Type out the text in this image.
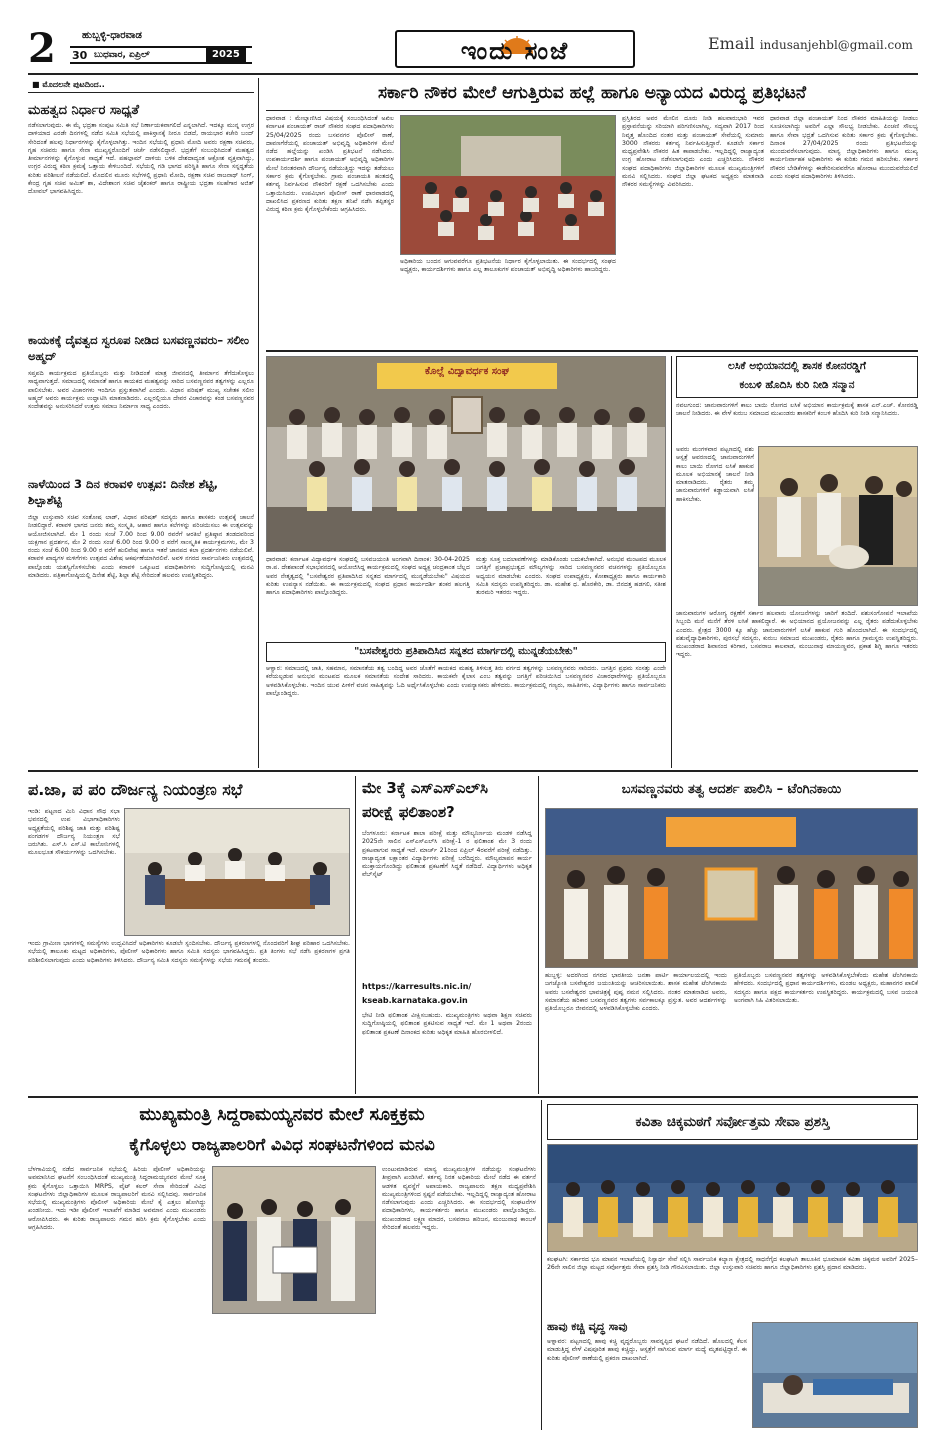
2	ಹುಬ್ಬಳ್ಳಿ-ಧಾರವಾಡ
30 ಬುಧವಾರ, ಏಪ್ರಿಲ್	2025	ಇಂದು ಸಂಜೆ	Email indusanjehbl@gmail.com
■ ಮೊದಲನೇ ಪುಟದಿಂದ..
ಮಹತ್ವದ ನಿರ್ಧಾರ ಸಾಧ್ಯತೆ
ನಡೆಸಲಾಗುವುದು. ಈ ಮೈ ಭದ್ರತಾ ಸಂಪುಟ ಸಮಿತಿ ಸಭೆ ನಿರ್ಣಾಯಕವಾಗಲಿದೆ ಎನ್ನಲಾಗಿದೆ. ಇದಕ್ಕೂ ಮುನ್ನ ಉಗ್ರರ ದಾಳಿಯಾದ ಎರಡೇ ದಿನಗಳಲ್ಲಿ ನಡೆದ ಸಮಿತಿ ಸಭೆಯಲ್ಲಿ ಪಾಕಿಸ್ತಾನಕ್ಕೆ ನೀರೂ ಬಿಡದೆ, ರಾಯಭಾರ ಕಚೇರಿ ಬಂದ್ ಸೇರಿದಂತೆ ಹಲವು ನಿರ್ಧಾರಗಳನ್ನು ಕೈಗೊಳ್ಳಲಾಗಿತ್ತು. ಇಂದಿನ ಸಭೆಯಲ್ಲಿ ಪ್ರಧಾನಿ ಮೋದಿ ಅವರು ರಕ್ಷಣಾ ಸಚಿವರು, ಗೃಹ ಸಚಿವರು ಹಾಗೂ ಸೇನಾ ಮುಖ್ಯಸ್ಥರೊಂದಿಗೆ ಚರ್ಚೆ ನಡೆಸಲಿದ್ದಾರೆ. ಭದ್ರತೆಗೆ ಸಂಬಂಧಿಸಿದಂತೆ ಮಹತ್ವದ ತೀರ್ಮಾನಗಳನ್ನು ಕೈಗೊಳ್ಳುವ ಸಾಧ್ಯತೆ ಇದೆ. ಪಹಲ್ಗಾಮ್ ದಾಳಿಯ ಬಳಿಕ ದೇಶದಾದ್ಯಂತ ಆಕ್ರೋಶ ವ್ಯಕ್ತವಾಗಿದ್ದು, ಉಗ್ರರ ವಿರುದ್ಧ ಕಠಿಣ ಕ್ರಮಕ್ಕೆ ಒತ್ತಾಯ ಕೇಳಿಬಂದಿದೆ. ಸಭೆಯಲ್ಲಿ ಗಡಿ ಭಾಗದ ಪರಿಸ್ಥಿತಿ ಹಾಗೂ ಸೇನಾ ಸನ್ನದ್ಧತೆಯ ಕುರಿತು ಪರಿಶೀಲನೆ ನಡೆಯಲಿದೆ. ಮೊದಲಿನ ಮೂರು ಸಭೆಗಳಲ್ಲಿ ಪ್ರಧಾನಿ ಮೋದಿ, ರಕ್ಷಣಾ ಸಚಿವ ರಾಜನಾಥ್ ಸಿಂಗ್, ಕೇಂದ್ರ ಗೃಹ ಸಚಿವ ಅಮಿತ್ ಶಾ, ವಿದೇಶಾಂಗ ಸಚಿವ ಜೈಶಂಕರ್ ಹಾಗೂ ರಾಷ್ಟ್ರೀಯ ಭದ್ರತಾ ಸಲಹೆಗಾರ ಅಜಿತ್ ದೋವಲ್ ಭಾಗವಹಿಸಿದ್ದರು.
ಕಾಯಕಕ್ಕೆ ದೈವತ್ವದ ಸ್ವರೂಪ ನೀಡಿದ ಬಸವಣ್ಣನವರು– ಸಲೀಂ ಅಹ್ಮದ್
ಸಪ್ತಪದಿ ಕಾರ್ಯಕ್ರಮದ ಪ್ರತಿಯೊಬ್ಬರು ಮತ್ತು ನೀಡಿದಂತೆ ಮಾತ್ರ ಜೀವನದಲ್ಲಿ ತೀರ್ಮಾನ ತೆಗೆದುಕೊಳ್ಳಲು ಸಾಧ್ಯವಾಗುತ್ತದೆ. ಸಮಾಜದಲ್ಲಿ ಸಮಾನತೆ ಹಾಗೂ ಕಾಯಕದ ಮಹತ್ವವನ್ನು ಸಾರಿದ ಬಸವಣ್ಣನವರ ತತ್ವಗಳನ್ನು ಎಲ್ಲರೂ ಪಾಲಿಸಬೇಕು. ಅವರ ವಿಚಾರಗಳು ಇಂದಿಗೂ ಪ್ರಸ್ತುತವಾಗಿವೆ ಎಂದರು. ವಿಧಾನ ಪರಿಷತ್ ಮುಖ್ಯ ಸಚೇತಕ ಸಲೀಂ ಅಹ್ಮದ್ ಅವರು ಕಾರ್ಯಕ್ರಮ ಉದ್ಘಾಟಿಸಿ ಮಾತನಾಡಿದರು. ಎಲ್ಲರಲ್ಲಿಯೂ ದೇವರ ವಿಚಾರವನ್ನು ಕಂಡ ಬಸವಣ್ಣನವರ ಸಂದೇಶವನ್ನು ಅನುಸರಿಸಿದರೆ ಉತ್ತಮ ಸಮಾಜ ನಿರ್ಮಾಣ ಸಾಧ್ಯ ಎಂದರು.
ನಾಳೆಯಿಂದ 3 ದಿನ ಕರಾವಳಿ ಉತ್ಸವ: ದಿನೇಶ ಶೆಟ್ಟಿ, ಶಿಲ್ಪಾಶೆಟ್ಟಿ
ಜಿಲ್ಲಾ ಉಸ್ತುವಾರಿ ಸಚಿವ ಸಂತೋಷ ಲಾಡ್, ವಿಧಾನ ಪರಿಷತ್ ಸದಸ್ಯರು ಹಾಗೂ ಶಾಸಕರು ಉತ್ಸವಕ್ಕೆ ಚಾಲನೆ ನೀಡಲಿದ್ದಾರೆ. ಕರಾವಳಿ ಭಾಗದ ಜನರು ತಮ್ಮ ಸಂಸ್ಕೃತಿ, ಆಹಾರ ಹಾಗೂ ಕಲೆಗಳನ್ನು ಪರಿಚಯಿಸಲು ಈ ಉತ್ಸವವನ್ನು ಆಯೋಜಿಸಲಾಗಿದೆ. ಮೇ 1 ರಂದು ಸಂಜೆ 7.00 ರಿಂದ 9.00 ರವರೆಗೆ ಆರತಿಲೆ ಪ್ರತಿಷ್ಠಾನ ತಂಡದವರಿಂದ ಯಕ್ಷಗಾನ ಪ್ರದರ್ಶನ, ಮೇ 2 ರಂದು ಸಂಜೆ 6.00 ರಿಂದ 9.00 ರ ವರೆಗೆ ಸಾಂಸ್ಕೃತಿಕ ಕಾರ್ಯಕ್ರಮಗಳು, ಮೇ 3 ರಂದು ಸಂಜೆ 6.00 ರಿಂದ 9.00 ರ ವರೆಗೆ ಹುಲಿವೇಷ ಹಾಗೂ ಇತರೆ ಜಾನಪದ ಕಲಾ ಪ್ರದರ್ಶನಗಳು ನಡೆಯಲಿವೆ. ಕರಾವಳಿ ಖಾದ್ಯಗಳ ಮಳಿಗೆಗಳು ಉತ್ಸವದ ವಿಶೇಷ ಆಕರ್ಷಣೆಯಾಗಿರಲಿವೆ. ಅವಳಿ ನಗರದ ಸಾರ್ವಜನಿಕರು ಉತ್ಸವದಲ್ಲಿ ಪಾಲ್ಗೊಂಡು ಯಶಸ್ವಿಗೊಳಿಸಬೇಕು ಎಂದು ಕರಾವಳಿ ಒಕ್ಕೂಟದ ಪದಾಧಿಕಾರಿಗಳು ಸುದ್ದಿಗೋಷ್ಠಿಯಲ್ಲಿ ಮನವಿ ಮಾಡಿದರು. ಪತ್ರಿಕಾಗೋಷ್ಠಿಯಲ್ಲಿ ದಿನೇಶ ಶೆಟ್ಟಿ, ಶಿಲ್ಪಾ ಶೆಟ್ಟಿ ಸೇರಿದಂತೆ ಹಲವರು ಉಪಸ್ಥಿತರಿದ್ದರು.
ಸರ್ಕಾರಿ ನೌಕರ ಮೇಲೆ ಆಗುತ್ತಿರುವ ಹಲ್ಲೆ ಹಾಗೂ ಅನ್ಯಾಯದ ವಿರುದ್ಧ ಪ್ರತಿಭಟನೆ
ಧಾರವಾಡ : ಮೇಲ್ಕಾಣಿಸಿದ ವಿಷಯಕ್ಕೆ ಸಂಬಂಧಿಸಿದಂತೆ ಅಖಿಲ ಕರ್ನಾಟಕ ಪಂಚಾಯತ್ ರಾಜ್ ನೌಕರರ ಸಂಘದ ಪದಾಧಿಕಾರಿಗಳು 25/04/2025 ರಂದು ಬಸವನಗರ ಪೊಲೀಸ್ ಠಾಣೆ, ದಾವಣಗೆರೆಯಲ್ಲಿ ಪಂಚಾಯತ್ ಅಭಿವೃದ್ಧಿ ಅಧಿಕಾರಿಗಳ ಮೇಲೆ ನಡೆದ ಹಲ್ಲೆಯನ್ನು ಖಂಡಿಸಿ ಪ್ರತಿಭಟನೆ ನಡೆಸಿದರು. ಉಪಕಾರ್ಯದರ್ಶಿ ಹಾಗೂ ಪಂಚಾಯತ್ ಅಭಿವೃದ್ಧಿ ಅಧಿಕಾರಿಗಳ ಮೇಲೆ ನಿರಂತರವಾಗಿ ದೌರ್ಜನ್ಯ ನಡೆಯುತ್ತಿದ್ದು ಇದನ್ನು ತಡೆಯಲು ಸರ್ಕಾರ ಕ್ರಮ ಕೈಗೊಳ್ಳಬೇಕು. ಗ್ರಾಮ ಪಂಚಾಯತಿ ಹಂತದಲ್ಲಿ ಕರ್ತವ್ಯ ನಿರ್ವಹಿಸುವ ನೌಕರರಿಗೆ ರಕ್ಷಣೆ ಒದಗಿಸಬೇಕು ಎಂದು ಒತ್ತಾಯಿಸಿದರು. ಉಪವಿಭಾಗ ಪೊಲೀಸ್ ಠಾಣೆ ಧಾರವಾಡದಲ್ಲಿ ದಾಖಲಿಸಿದ ಪ್ರಕರಣದ ಕುರಿತು ತಕ್ಷಣ ತನಿಖೆ ನಡೆಸಿ ತಪ್ಪಿತಸ್ಥರ ವಿರುದ್ಧ ಕಠಿಣ ಕ್ರಮ ಕೈಗೊಳ್ಳಬೇಕೆಂದು ಆಗ್ರಹಿಸಿದರು.
ಅಧಿಕಾರಿಯ ಬಂದನ ಆಗುವವರೆಗೂ ಪ್ರತಿಭಟನೆಯ ನಿರ್ಧಾರ ಕೈಗೊಳ್ಳಲಾಯಿತು. ಈ ಸಂದರ್ಭದಲ್ಲಿ ಸಂಘದ ಅಧ್ಯಕ್ಷರು, ಕಾರ್ಯದರ್ಶಿಗಳು ಹಾಗೂ ಎಲ್ಲ ತಾಲೂಕುಗಳ ಪಂಚಾಯತ್ ಅಭಿವೃದ್ಧಿ ಅಧಿಕಾರಿಗಳು ಹಾಜರಿದ್ದರು.
ಪ್ರಸ್ತಿತಿರದ ಅವರ ಮೇಲಿನ ದೂರು ನೀಡಿ ಹಲವಾರುಭಾರಿ ಇವರ ಪ್ರಸ್ತಾವನೆಯನ್ನು ಸರಿಯಾಗಿ ಪರಿಗಣಿಸಲಾಗಿಲ್ಲ. ಸದ್ಯವಾಗಿ 2017 ರಿಂದ ನಿವೃತ್ತ ಹೊಂದಿದ ನಂತರ ಮತ್ತು ಪಂಚಾಯತ್ ಸೇವೆಯಲ್ಲಿ ಸುಮಾರು 3000 ನೌಕರರು ಕರ್ತವ್ಯ ನಿರ್ವಹಿಸುತ್ತಿದ್ದಾರೆ. ಕೂಡಲೇ ಸರ್ಕಾರ ಮಧ್ಯಪ್ರವೇಶಿಸಿ ನೌಕರರ ಹಿತ ಕಾಪಾಡಬೇಕು. ಇಲ್ಲದಿದ್ದಲ್ಲಿ ರಾಜ್ಯಾದ್ಯಂತ ಉಗ್ರ ಹೋರಾಟ ನಡೆಸಲಾಗುವುದು ಎಂದು ಎಚ್ಚರಿಸಿದರು. ನೌಕರರ ಸಂಘದ ಪದಾಧಿಕಾರಿಗಳು ಜಿಲ್ಲಾಧಿಕಾರಿಗಳ ಮೂಲಕ ಮುಖ್ಯಮಂತ್ರಿಗಳಿಗೆ ಮನವಿ ಸಲ್ಲಿಸಿದರು. ಸಂಘದ ಜಿಲ್ಲಾ ಘಟಕದ ಅಧ್ಯಕ್ಷರು ಮಾತನಾಡಿ ನೌಕರರ ಸಮಸ್ಯೆಗಳನ್ನು ವಿವರಿಸಿದರು.
ಧಾರವಾಡ ಜಿಲ್ಲಾ ಪಂಚಾಯತ್ ನಿಂದ ನೌಕರರ ಮಾಹಿತಿಯನ್ನು ನೀಡಲು ಸೂಚಿಸಲಾಗಿದ್ದು ಅವರಿಗೆ ಎಲ್ಲಾ ಸೌಲಭ್ಯ ನೀಡಬೇಕು. ಪಿಂಚಣಿ ಸೌಲಭ್ಯ ಹಾಗೂ ಸೇವಾ ಭದ್ರತೆ ಒದಗಿಸುವ ಕುರಿತು ಸರ್ಕಾರ ಕ್ರಮ ಕೈಗೊಳ್ಳಬೇಕು. ದಿನಾಂಕ 27/04/2025 ರಂದು ಪ್ರತಿಭಟನೆಯನ್ನು ಮುಂದುವರೆಸಲಾಗುವುದು. ಮಾನ್ಯ ಜಿಲ್ಲಾಧಿಕಾರಿಗಳು ಹಾಗೂ ಮುಖ್ಯ ಕಾರ್ಯನಿರ್ವಾಹಕ ಅಧಿಕಾರಿಗಳು ಈ ಕುರಿತು ಗಮನ ಹರಿಸಬೇಕು. ಸರ್ಕಾರ ನೌಕರರ ಬೇಡಿಕೆಗಳನ್ನು ಈಡೇರಿಸುವವರೆಗೂ ಹೋರಾಟ ಮುಂದುವರೆಯಲಿದೆ ಎಂದು ಸಂಘದ ಪದಾಧಿಕಾರಿಗಳು ತಿಳಿಸಿದರು.
ಕೊಲ್ಲೆ ವಿದ್ಯಾವರ್ಧಕ ಸಂಘ
ಧಾರವಾಡ: ಕರ್ನಾಟಕ ವಿದ್ಯಾವರ್ಧಕ ಸಂಘದಲ್ಲಿ ಬಸವಜಯಂತಿ ಅಂಗವಾಗಿ ದಿನಾಂಕ: 30-04-2025 ರಾ.ಪ. ದೇಶಪಾಂಡೆ ಸಭಾಭವನದಲ್ಲಿ ಆಯೋಜಿಸಿದ್ದ ಕಾರ್ಯಕ್ರಮದಲ್ಲಿ ಸಂಘದ ಅಧ್ಯಕ್ಷ ಚಂದ್ರಕಾಂತ ಬೆಲ್ಲದ ಅವರ ನೇತೃತ್ವದಲ್ಲಿ "ಬಸವೇಶ್ವರರ ಪ್ರತಿಪಾದಿಸಿದ ಸನ್ನತದ ಮಾರ್ಗದಲ್ಲಿ ಮುನ್ನಡೆಯಬೇಕು" ವಿಷಯದ ಕುರಿತು ಉಪನ್ಯಾಸ ನಡೆಯಿತು. ಈ ಕಾರ್ಯಕ್ರಮದಲ್ಲಿ ಸಂಘದ ಪ್ರಧಾನ ಕಾರ್ಯದರ್ಶಿ ಶಂಕರ ಹಲಗತ್ತಿ ಹಾಗೂ ಪದಾಧಿಕಾರಿಗಳು ಪಾಲ್ಗೊಂಡಿದ್ದರು.
ಮತ್ತು ಸೂಕ್ತ ಬದಲಾವಣೆಗಳನ್ನು ಮಾಡಿಕೊಂಡು ಬದುಕಬೇಕಾಗಿದೆ. ಅನುಭವ ಮಂಟಪದ ಮೂಲಕ ಜಗತ್ತಿಗೆ ಪ್ರಜಾಪ್ರಭುತ್ವದ ಮೌಲ್ಯಗಳನ್ನು ಸಾರಿದ ಬಸವಣ್ಣನವರ ವಚನಗಳನ್ನು ಪ್ರತಿಯೊಬ್ಬರೂ ಅಧ್ಯಯನ ಮಾಡಬೇಕು ಎಂದರು. ಸಂಘದ ಉಪಾಧ್ಯಕ್ಷರು, ಕೋಶಾಧ್ಯಕ್ಷರು ಹಾಗೂ ಕಾರ್ಯಕಾರಿ ಸಮಿತಿ ಸದಸ್ಯರು ಉಪಸ್ಥಿತರಿದ್ದರು. ಡಾ. ಮಹೇಶ ಧ. ಹೊರಕೇರಿ, ಡಾ. ಜಿನದತ್ತ ಹಡಗಲಿ, ಸತೀಶ ತುರಮರಿ ಇತರರು ಇದ್ದರು.
"ಬಸವೇಶ್ವರರು ಪ್ರತಿಪಾದಿಸಿದ ಸನ್ನತದ ಮಾರ್ಗದಲ್ಲಿ ಮುನ್ನಡೆಯಬೇಕು"
ಆಳ್ವಾರ: ಸಮಾಜದಲ್ಲಿ ಜಾತಿ, ಸಹಮಾನ, ಸಮಾನತೆಯ ತತ್ವ ಬಂದಿದ್ದ ಅವರ ಜೊತೆಗೆ ಕಾಯಕದ ಮಹತ್ವ ತಿಳಿಸುತ್ತ ತಿರು ವರ್ಗದ ತತ್ವಗಳನ್ನು ಬಸವಣ್ಣನವರು ಸಾರಿದರು. ಜಗತ್ತಿನ ಪ್ರಥಮ ಸಂಸತ್ತು ಎಂದೇ ಕರೆಯಲ್ಪಡುವ ಅನುಭವ ಮಂಟಪದ ಮೂಲಕ ಸಮಾನತೆಯ ಸಂದೇಶ ಸಾರಿದರು. ಕಾಯಕವೇ ಕೈಲಾಸ ಎಂಬ ತತ್ವವನ್ನು ಜಗತ್ತಿಗೆ ಪರಿಚಯಿಸಿದ ಬಸವಣ್ಣನವರ ವಿಚಾರಧಾರೆಗಳನ್ನು ಪ್ರತಿಯೊಬ್ಬರೂ ಅಳವಡಿಸಿಕೊಳ್ಳಬೇಕು. ಇಂದಿನ ಯುವ ಪೀಳಿಗೆ ವಚನ ಸಾಹಿತ್ಯವನ್ನು ಓದಿ ಅರ್ಥೈಸಿಕೊಳ್ಳಬೇಕು ಎಂದು ಉಪನ್ಯಾಸಕರು ಹೇಳಿದರು. ಕಾರ್ಯಕ್ರಮದಲ್ಲಿ ಗಣ್ಯರು, ಸಾಹಿತಿಗಳು, ವಿದ್ಯಾರ್ಥಿಗಳು ಹಾಗೂ ಸಾರ್ವಜನಿಕರು ಪಾಲ್ಗೊಂಡಿದ್ದರು.
ಲಸಿಕೆ ಅಭಿಯಾನದಲ್ಲಿ ಶಾಸಕ ಕೋನರಡ್ಡಿಗೆ
ಕಂಬಳಿ ಹೊದಿಸಿ ಕುರಿ ನೀಡಿ ಸನ್ಮಾನ
ನವಲಗುಂದ: ಜಾನುವಾರುಗಳಿಗೆ ಕಾಲು ಬಾಯಿ ರೋಗದ ಲಸಿಕೆ ಅಭಿಯಾನ ಕಾರ್ಯಕ್ರಮಕ್ಕೆ ಶಾಸಕ ಎನ್.ಎಚ್. ಕೋನರಡ್ಡಿ ಚಾಲನೆ ನೀಡಿದರು. ಈ ವೇಳೆ ಕುರುಬ ಸಮಾಜದ ಮುಖಂಡರು ಶಾಸಕರಿಗೆ ಕಂಬಳಿ ಹೊದಿಸಿ ಕುರಿ ನೀಡಿ ಸನ್ಮಾನಿಸಿದರು.
ಅವರು ಮಂಗಳವಾರ ಪಟ್ಟಣದಲ್ಲಿ ಪಶು ಆಸ್ಪತ್ರೆ ಆವರಣದಲ್ಲಿ ಜಾನುವಾರುಗಳಿಗೆ ಕಾಲು ಬಾಯಿ ರೋಗದ ಲಸಿಕೆ ಹಾಕುವ ಮೂಲಕ ಅಭಿಯಾನಕ್ಕೆ ಚಾಲನೆ ನೀಡಿ ಮಾತನಾಡಿದರು. ರೈತರು ತಮ್ಮ ಜಾನುವಾರುಗಳಿಗೆ ಕಡ್ಡಾಯವಾಗಿ ಲಸಿಕೆ ಹಾಕಿಸಬೇಕು.
ಜಾನುವಾರುಗಳ ಆರೋಗ್ಯ ರಕ್ಷಣೆಗೆ ಸರ್ಕಾರ ಹಲವಾರು ಯೋಜನೆಗಳನ್ನು ಜಾರಿಗೆ ತಂದಿದೆ. ಪಶುಸಂಗೋಪನೆ ಇಲಾಖೆಯ ಸಿಬ್ಬಂದಿ ಮನೆ ಮನೆಗೆ ತೆರಳಿ ಲಸಿಕೆ ಹಾಕಲಿದ್ದಾರೆ. ಈ ಅಭಿಯಾನದ ಪ್ರಯೋಜನವನ್ನು ಎಲ್ಲ ರೈತರು ಪಡೆದುಕೊಳ್ಳಬೇಕು ಎಂದರು. ಕ್ಷೇತ್ರದ 3000 ಕ್ಕೂ ಹೆಚ್ಚು ಜಾನುವಾರುಗಳಿಗೆ ಲಸಿಕೆ ಹಾಕುವ ಗುರಿ ಹೊಂದಲಾಗಿದೆ. ಈ ಸಂದರ್ಭದಲ್ಲಿ ಪಶುವೈದ್ಯಾಧಿಕಾರಿಗಳು, ಪುರಸಭೆ ಸದಸ್ಯರು, ಕುರುಬ ಸಮಾಜದ ಮುಖಂಡರು, ರೈತರು ಹಾಗೂ ಗ್ರಾಮಸ್ಥರು ಉಪಸ್ಥಿತರಿದ್ದರು. ಮುಖಂಡರಾದ ಶಿವಾನಂದ ಕರಿಗಾರ, ಬಸವರಾಜ ಕಾಲವಾಡ, ಮಂಜುನಾಥ ಮಾಯಣ್ಣವರ, ಪ್ರಕಾಶ ಶಿಗ್ಲಿ ಹಾಗೂ ಇತರರು ಇದ್ದರು.
ಪ.ಜಾ, ಪ ಪಂ ದೌರ್ಜನ್ಯ ನಿಯಂತ್ರಣ ಸಭೆ
ಇಂಡಿ: ಪಟ್ಟಣದ ಮಿನಿ ವಿಧಾನ ಸೌಧ ಸಭಾ ಭವನದಲ್ಲಿ ಉಪ ವಿಭಾಗಾಧಿಕಾರಿಗಳು ಅಧ್ಯಕ್ಷತೆಯಲ್ಲಿ ಪರಿಶಿಷ್ಟ ಜಾತಿ ಮತ್ತು ಪರಿಶಿಷ್ಟ ಪಂಗಡಗಳ ದೌರ್ಜನ್ಯ ನಿಯಂತ್ರಣ ಸಭೆ ಜರುಗಿತು. ಎಸ್.ಸಿ ಎಸ್.ಟಿ ಕಾಲೋನಿಗಳಲ್ಲಿ ಮೂಲಭೂತ ಸೌಕರ್ಯಗಳನ್ನು ಒದಗಿಸಬೇಕು.
ಇಂದು ಗ್ರಾಮೀಣ ಭಾಗಗಳಲ್ಲಿ ಸಮಸ್ಯೆಗಳು ಉದ್ಭವಿಸಿದರೆ ಅಧಿಕಾರಿಗಳು ಕೂಡಲೇ ಸ್ಪಂದಿಸಬೇಕು. ದೌರ್ಜನ್ಯ ಪ್ರಕರಣಗಳಲ್ಲಿ ನೊಂದವರಿಗೆ ಶೀಘ್ರ ಪರಿಹಾರ ಒದಗಿಸಬೇಕು. ಸಭೆಯಲ್ಲಿ ತಾಲೂಕು ಮಟ್ಟದ ಅಧಿಕಾರಿಗಳು, ಪೊಲೀಸ್ ಅಧಿಕಾರಿಗಳು ಹಾಗೂ ಸಮಿತಿ ಸದಸ್ಯರು ಭಾಗವಹಿಸಿದ್ದರು. ಪ್ರತಿ ತಿಂಗಳು ಸಭೆ ನಡೆಸಿ ಪ್ರಕರಣಗಳ ಪ್ರಗತಿ ಪರಿಶೀಲಿಸಲಾಗುವುದು ಎಂದು ಅಧಿಕಾರಿಗಳು ತಿಳಿಸಿದರು. ದೌರ್ಜನ್ಯ ಸಮಿತಿ ಸದಸ್ಯರು ಸಮಸ್ಯೆಗಳನ್ನು ಸಭೆಯ ಗಮನಕ್ಕೆ ತಂದರು.
ಮೇ 3ಕ್ಕೆ ಎಸ್ಎಸ್ಎಲ್‌ಸಿ
ಪರೀಕ್ಷೆ ಫಲಿತಾಂಶ?
ಬೆಂಗಳೂರು: ಕರ್ನಾಟಕ ಶಾಲಾ ಪರೀಕ್ಷೆ ಮತ್ತು ಮೌಲ್ಯನಿರ್ಣಯ ಮಂಡಳಿ ನಡೆಸಿದ್ದ 2025ನೇ ಸಾಲಿನ ಎಸ್ಎಸ್ಎಲ್‌ಸಿ ಪರೀಕ್ಷೆ-1 ರ ಫಲಿತಾಂಶ ಮೇ 3 ರಂದು ಪ್ರಕಟವಾಗುವ ಸಾಧ್ಯತೆ ಇದೆ. ಮಾರ್ಚ್ 21ರಿಂದ ಏಪ್ರಿಲ್ 4ರವರೆಗೆ ಪರೀಕ್ಷೆ ನಡೆದಿತ್ತು. ರಾಜ್ಯಾದ್ಯಂತ ಲಕ್ಷಾಂತರ ವಿದ್ಯಾರ್ಥಿಗಳು ಪರೀಕ್ಷೆ ಬರೆದಿದ್ದರು. ಮೌಲ್ಯಮಾಪನ ಕಾರ್ಯ ಮುಕ್ತಾಯಗೊಂಡಿದ್ದು ಫಲಿತಾಂಶ ಪ್ರಕಟಣೆಗೆ ಸಿದ್ಧತೆ ನಡೆದಿದೆ. ವಿದ್ಯಾರ್ಥಿಗಳು ಅಧಿಕೃತ ವೆಬ್‌ಸೈಟ್
https://karresults.nic.in/
kseab.karnataka.gov.in
ಭೇಟಿ ನೀಡಿ ಫಲಿತಾಂಶ ವೀಕ್ಷಿಸಬಹುದು. ಮುಖ್ಯಮಂತ್ರಿಗಳು ಅಥವಾ ಶಿಕ್ಷಣ ಸಚಿವರು ಸುದ್ದಿಗೋಷ್ಠಿಯಲ್ಲಿ ಫಲಿತಾಂಶ ಪ್ರಕಟಿಸುವ ಸಾಧ್ಯತೆ ಇದೆ. ಮೇ 1 ಅಥವಾ 2ರಂದು ಫಲಿತಾಂಶ ಪ್ರಕಟಣೆ ದಿನಾಂಕದ ಕುರಿತು ಅಧಿಕೃತ ಮಾಹಿತಿ ಹೊರಬೀಳಲಿದೆ.
ಬಸವಣ್ಣನವರು ತತ್ವ ಆದರ್ಶ ಪಾಲಿಸಿ – ಟೆಂಗಿನಕಾಯಿ
ಹುಬ್ಬಳ್ಳಿ: ಅದರಗಿಂದ ನಗರದ ಭಾರತೀಯ ಜನತಾ ಪಾರ್ಟಿ ಕಾರ್ಯಾಲಯದಲ್ಲಿ ಇಂದು ಜಗಜ್ಯೋತಿ ಬಸವೇಶ್ವರರ ಜಯಂತಿಯನ್ನು ಆಚರಿಸಲಾಯಿತು. ಶಾಸಕ ಮಹೇಶ ಟೆಂಗಿನಕಾಯಿ ಅವರು ಬಸವೇಶ್ವರರ ಭಾವಚಿತ್ರಕ್ಕೆ ಪುಷ್ಪ ನಮನ ಸಲ್ಲಿಸಿದರು. ನಂತರ ಮಾತನಾಡಿದ ಅವರು, ಸಮಾನತೆಯ ಹರಿಕಾರ ಬಸವಣ್ಣನವರ ತತ್ವಗಳು ಸರ್ವಕಾಲಕ್ಕೂ ಪ್ರಸ್ತುತ. ಅವರ ಆದರ್ಶಗಳನ್ನು ಪ್ರತಿಯೊಬ್ಬರೂ ಜೀವನದಲ್ಲಿ ಅಳವಡಿಸಿಕೊಳ್ಳಬೇಕು ಎಂದರು.
ಪ್ರತಿಯೊಬ್ಬರು ಬಸವಣ್ಣನವರ ತತ್ವಗಳನ್ನು ಅಳವಡಿಸಿಕೊಳ್ಳಬೇಕೆಂದು ಮಹೇಶ ಟೆಂಗಿನಕಾಯಿ ಹೇಳಿದರು. ಸಂದರ್ಭದಲ್ಲಿ ಪ್ರಧಾನ ಕಾರ್ಯದರ್ಶಿಗಳು, ಮಂಡಲ ಅಧ್ಯಕ್ಷರು, ಮಹಾನಗರ ಪಾಲಿಕೆ ಸದಸ್ಯರು ಹಾಗೂ ಪಕ್ಷದ ಕಾರ್ಯಕರ್ತರು ಉಪಸ್ಥಿತರಿದ್ದರು. ಕಾರ್ಯಕ್ರಮದಲ್ಲಿ ಬಸವ ಜಯಂತಿ ಅಂಗವಾಗಿ ಸಿಹಿ ವಿತರಿಸಲಾಯಿತು.
ಮುಖ್ಯಮಂತ್ರಿ ಸಿದ್ದರಾಮಯ್ಯನವರ ಮೇಲೆ ಸೂಕ್ತಕ್ರಮ
ಕೈಗೊಳ್ಳಲು ರಾಜ್ಯಪಾಲರಿಗೆ ವಿವಿಧ ಸಂಘಟನೆಗಳಿಂದ ಮನವಿ
ಬೆಳಗಾವಿಯಲ್ಲಿ ನಡೆದ ಸಾರ್ವಜನಿಕ ಸಭೆಯಲ್ಲಿ ಹಿರಿಯ ಪೊಲೀಸ್ ಅಧಿಕಾರಿಯನ್ನು ಅವಮಾನಿಸಿದ ಘಟನೆಗೆ ಸಂಬಂಧಿಸಿದಂತೆ ಮುಖ್ಯಮಂತ್ರಿ ಸಿದ್ದರಾಮಯ್ಯನವರ ಮೇಲೆ ಸೂಕ್ತ ಕ್ರಮ ಕೈಗೊಳ್ಳಲು ಒತ್ತಾಯಿಸಿ MRPS, ವೈಟ್ ಕಲರ್ ಸೇನಾ ಸೇರಿದಂತೆ ವಿವಿಧ ಸಂಘಟನೆಗಳು ಜಿಲ್ಲಾಧಿಕಾರಿಗಳ ಮೂಲಕ ರಾಜ್ಯಪಾಲರಿಗೆ ಮನವಿ ಸಲ್ಲಿಸಿದವು. ಸಾರ್ವಜನಿಕ ಸಭೆಯಲ್ಲಿ ಮುಖ್ಯಮಂತ್ರಿಗಳು ಪೊಲೀಸ್ ಅಧಿಕಾರಿಯ ಮೇಲೆ ಕೈ ಎತ್ತಲು ಹೋಗಿದ್ದು ಖಂಡನೀಯ. ಇದು ಇಡೀ ಪೊಲೀಸ್ ಇಲಾಖೆಗೆ ಮಾಡಿದ ಅವಮಾನ ಎಂದು ಮುಖಂಡರು ಆರೋಪಿಸಿದರು. ಈ ಕುರಿತು ರಾಜ್ಯಪಾಲರು ಗಮನ ಹರಿಸಿ ಕ್ರಮ ಕೈಗೊಳ್ಳಬೇಕು ಎಂದು ಆಗ್ರಹಿಸಿದರು.
ಉಂಟುಮಾಡಿರುವ ಮಾನ್ಯ ಮುಖ್ಯಮಂತ್ರಿಗಳ ನಡೆಯನ್ನು ಸಂಘಟನೆಗಳು ತೀವ್ರವಾಗಿ ಖಂಡಿಸಿವೆ. ಕರ್ತವ್ಯ ನಿರತ ಅಧಿಕಾರಿಯ ಮೇಲೆ ನಡೆದ ಈ ವರ್ತನೆ ಆಡಳಿತ ವ್ಯವಸ್ಥೆಗೆ ಅಪಾಯಕಾರಿ. ರಾಜ್ಯಪಾಲರು ತಕ್ಷಣ ಮಧ್ಯಪ್ರವೇಶಿಸಿ ಮುಖ್ಯಮಂತ್ರಿಗಳಿಂದ ಸ್ಪಷ್ಟನೆ ಪಡೆಯಬೇಕು. ಇಲ್ಲದಿದ್ದಲ್ಲಿ ರಾಜ್ಯಾದ್ಯಂತ ಹೋರಾಟ ನಡೆಸಲಾಗುವುದು ಎಂದು ಎಚ್ಚರಿಸಿದರು. ಈ ಸಂದರ್ಭದಲ್ಲಿ ಸಂಘಟನೆಗಳ ಪದಾಧಿಕಾರಿಗಳು, ಕಾರ್ಯಕರ್ತರು ಹಾಗೂ ಮುಖಂಡರು ಪಾಲ್ಗೊಂಡಿದ್ದರು. ಮುಖಂಡರಾದ ಲಕ್ಷ್ಮಣ ಮಾದರ, ಬಸವರಾಜ ಹರಿಜನ, ಮಂಜುನಾಥ ಕಾಂಬಳೆ ಸೇರಿದಂತೆ ಹಲವರು ಇದ್ದರು.
ಕವಿತಾ ಚಿಕ್ಕಮಠಗೆ ಸರ್ವೋತ್ತಮ ಸೇವಾ ಪ್ರಶಸ್ತಿ
ಕಲಘಟಗಿ: ಸರ್ಕಾರದ ಭೂ ಮಾಪನ ಇಲಾಖೆಯಲ್ಲಿ ನಿಸ್ವಾರ್ಥ ಸೇವೆ ಸಲ್ಲಿಸಿ ಸಾರ್ವಜನಿಕ ಕಲ್ಯಾಣ ಕ್ಷೇತ್ರದಲ್ಲಿ ಸಾಧನೆಗೈದ ಕಲಘಟಗಿ ತಾಲೂಕಿನ ಭೂಮಾಪಕ ಕವಿತಾ ಚಿಕ್ಕಮಠ ಅವರಿಗೆ 2025–26ನೇ ಸಾಲಿನ ಜಿಲ್ಲಾ ಮಟ್ಟದ ಸರ್ವೋತ್ತಮ ಸೇವಾ ಪ್ರಶಸ್ತಿ ನೀಡಿ ಗೌರವಿಸಲಾಯಿತು. ಜಿಲ್ಲಾ ಉಸ್ತುವಾರಿ ಸಚಿವರು ಹಾಗೂ ಜಿಲ್ಲಾಧಿಕಾರಿಗಳು ಪ್ರಶಸ್ತಿ ಪ್ರದಾನ ಮಾಡಿದರು.
ಹಾವು ಕಚ್ಚಿ ವೃದ್ಧ ಸಾವು
ಅಳ್ನಾವರ: ಪಟ್ಟಣದಲ್ಲಿ ಹಾವು ಕಚ್ಚಿ ವೃದ್ಧರೊಬ್ಬರು ಸಾವನ್ನಪ್ಪಿದ ಘಟನೆ ನಡೆದಿದೆ. ಹೊಲದಲ್ಲಿ ಕೆಲಸ ಮಾಡುತ್ತಿದ್ದ ವೇಳೆ ವಿಷಪೂರಿತ ಹಾವು ಕಚ್ಚಿದ್ದು, ಆಸ್ಪತ್ರೆಗೆ ಸಾಗಿಸುವ ಮಾರ್ಗ ಮಧ್ಯೆ ಮೃತಪಟ್ಟಿದ್ದಾರೆ. ಈ ಕುರಿತು ಪೊಲೀಸ್ ಠಾಣೆಯಲ್ಲಿ ಪ್ರಕರಣ ದಾಖಲಾಗಿದೆ.
